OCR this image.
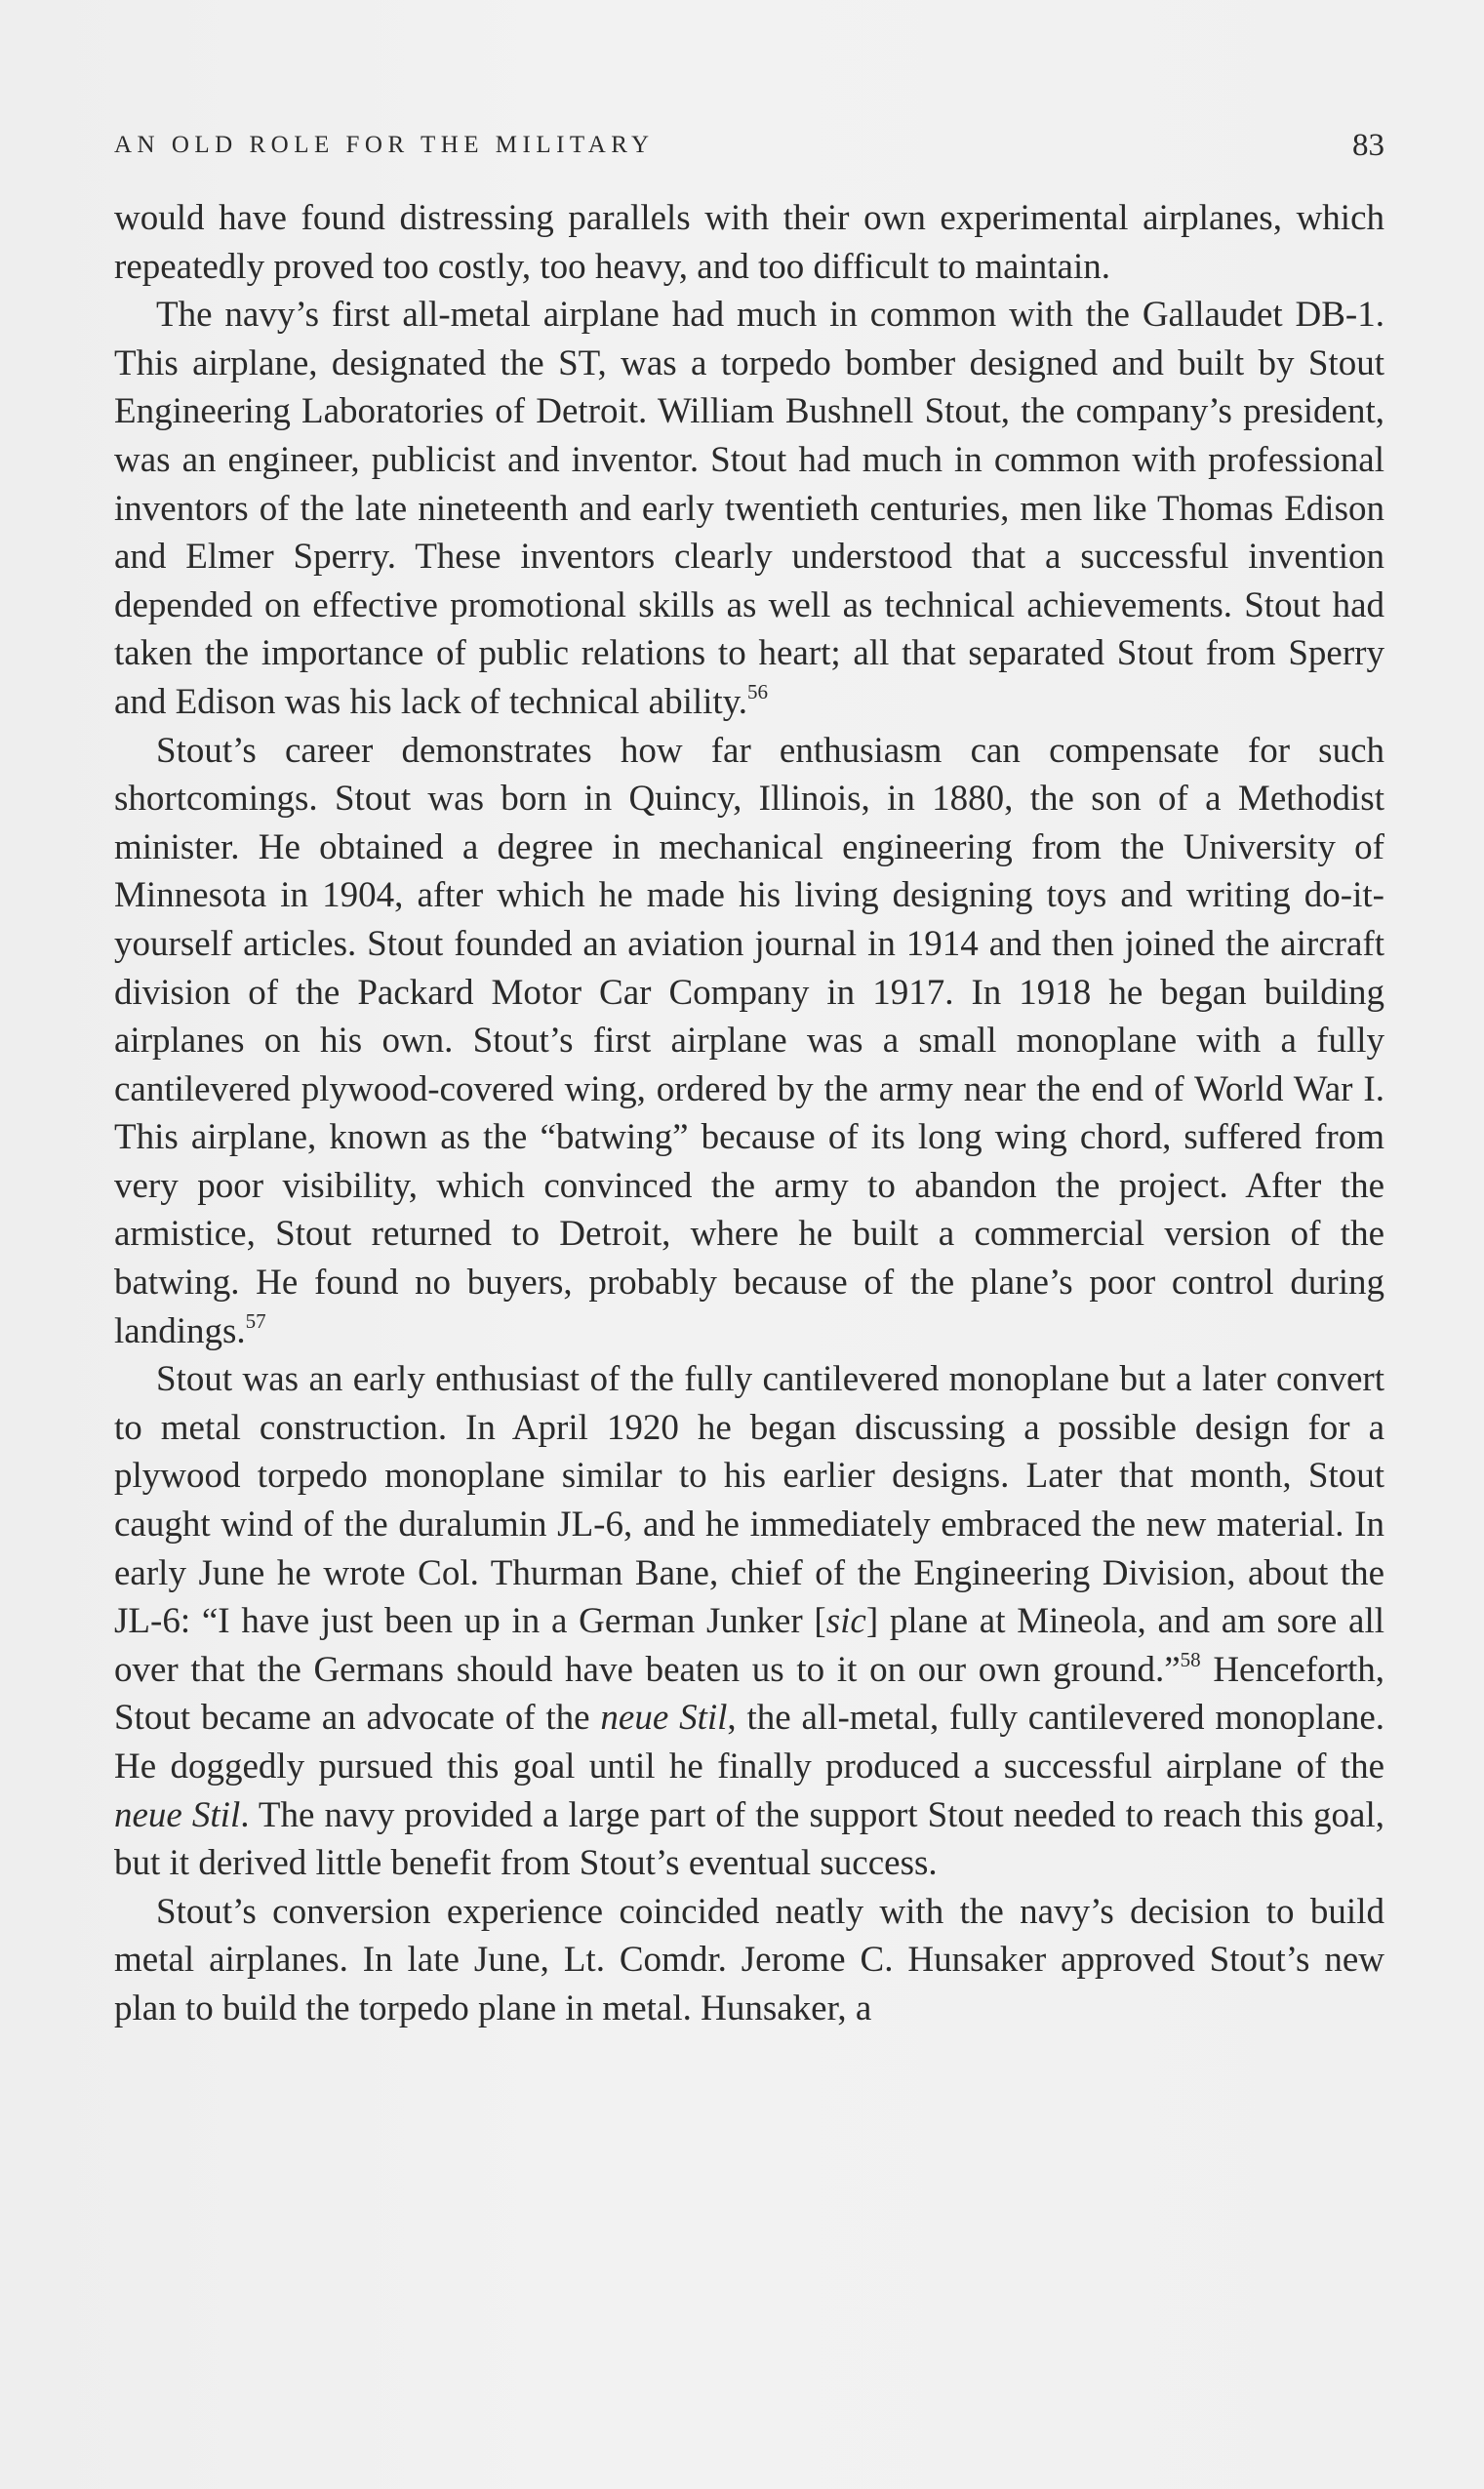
AN OLD ROLE FOR THE MILITARY	83

would have found distressing parallels with their own experimental airplanes, which repeatedly proved too costly, too heavy, and too difficult to maintain.

The navy’s first all-metal airplane had much in common with the Gallaudet DB-1. This airplane, designated the ST, was a torpedo bomber designed and built by Stout Engineering Laboratories of Detroit. William Bushnell Stout, the company’s president, was an engineer, publicist and inventor. Stout had much in common with professional inventors of the late nineteenth and early twentieth centuries, men like Thomas Edison and Elmer Sperry. These inventors clearly understood that a successful invention depended on effective promotional skills as well as technical achievements. Stout had taken the importance of public relations to heart; all that separated Stout from Sperry and Edison was his lack of technical ability.$^{56}$

Stout’s career demonstrates how far enthusiasm can compensate for such shortcomings. Stout was born in Quincy, Illinois, in 1880, the son of a Methodist minister. He obtained a degree in mechanical engineering from the University of Minnesota in 1904, after which he made his living designing toys and writing do-it-yourself articles. Stout founded an aviation journal in 1914 and then joined the aircraft division of the Packard Motor Car Company in 1917. In 1918 he began building airplanes on his own. Stout’s first airplane was a small monoplane with a fully cantilevered plywood-covered wing, ordered by the army near the end of World War I. This airplane, known as the “batwing” because of its long wing chord, suffered from very poor visibility, which convinced the army to abandon the project. After the armistice, Stout returned to Detroit, where he built a commercial version of the batwing. He found no buyers, probably because of the plane’s poor control during landings.$^{57}$

Stout was an early enthusiast of the fully cantilevered monoplane but a later convert to metal construction. In April 1920 he began discussing a possible design for a plywood torpedo monoplane similar to his earlier designs. Later that month, Stout caught wind of the duralumin JL-6, and he immediately embraced the new material. In early June he wrote Col. Thurman Bane, chief of the Engineering Division, about the JL-6: “I have just been up in a German Junker [sic] plane at Mineola, and am sore all over that the Germans should have beaten us to it on our own ground.”$^{58}$ Henceforth, Stout became an advocate of the neue Stil, the all-metal, fully cantilevered monoplane. He doggedly pursued this goal until he finally produced a successful airplane of the neue Stil. The navy provided a large part of the support Stout needed to reach this goal, but it derived little benefit from Stout’s eventual success.

Stout’s conversion experience coincided neatly with the navy’s decision to build metal airplanes. In late June, Lt. Comdr. Jerome C. Hunsaker approved Stout’s new plan to build the torpedo plane in metal. Hunsaker, a
